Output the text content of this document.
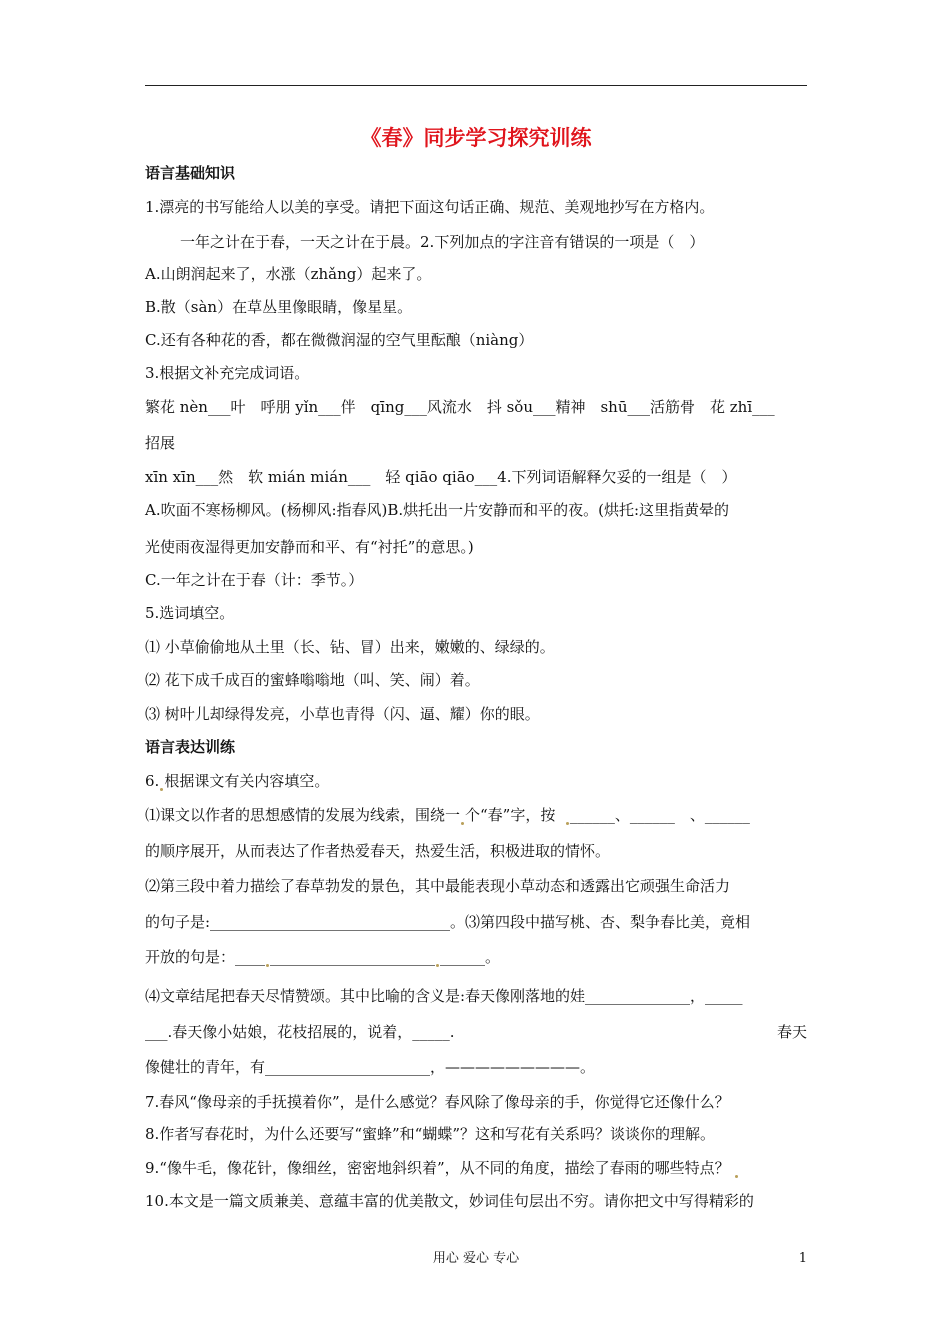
《春》同步学习探究训练
语言基础知识
1.漂亮的书写能给人以美的享受。请把下面这句话正确、规范、美观地抄写在方格内。
一年之计在于春，一天之计在于晨。2.下列加点的字注音有错误的一项是（　）
A.山朗润起来了，水涨（zhǎng）起来了。
B.散（sàn）在草丛里像眼睛，像星星。
C.还有各种花的香，都在微微润湿的空气里酝酿（niàng）
3.根据文补充完成词语。
繁花 nèn___叶　呼朋 yǐn___伴　qīng___风流水　抖 sǒu___精神　shū___活筋骨　花 zhī___
招展
xīn xīn___然　软 mián mián___　轻 qiāo qiāo___4.下列词语解释欠妥的一组是（　）
A.吹面不寒杨柳风。(杨柳风:指春风)B.烘托出一片安静而和平的夜。(烘托:这里指黄晕的
光使雨夜湿得更加安静而和平、有“衬托”的意思。)
C.一年之计在于春（计：季节。）
5.选词填空。
⑴ 小草偷偷地从土里（长、钻、冒）出来，嫩嫩的、绿绿的。
⑵ 花下成千成百的蜜蜂嗡嗡地（叫、笑、闹）着。
⑶ 树叶儿却绿得发亮，小草也青得（闪、逼、耀）你的眼。
语言表达训练
6. 根据课文有关内容填空。
⑴课文以作者的思想感情的发展为线索，围绕一 个“春”字，按 ______、______　、______
的顺序展开，从而表达了作者热爱春天，热爱生活，积极进取的情怀。
⑵第三段中着力描绘了春草勃发的景色，其中最能表现小草动态和透露出它顽强生命活力
的句子是:________________________________。⑶第四段中描写桃、杏、梨争春比美，竟相
开放的句是：____ ______________________ ______。
⑷文章结尾把春天尽情赞颂。其中比喻的含义是:春天像刚落地的娃______________，_____
___.春天像小姑娘，花枝招展的，说着，_____.	春天
像健壮的青年，有______________________，—————————。
7.春风“像母亲的手抚摸着你”，是什么感觉？春风除了像母亲的手，你觉得它还像什么？
8.作者写春花时，为什么还要写“蜜蜂”和“蝴蝶”？这和写花有关系吗？谈谈你的理解。
9.“像牛毛，像花针，像细丝，密密地斜织着”，从不同的角度，描绘了春雨的哪些特点？
10.本文是一篇文质兼美、意蕴丰富的优美散文，妙词佳句层出不穷。请你把文中写得精彩的
用心 爱心 专心	1
